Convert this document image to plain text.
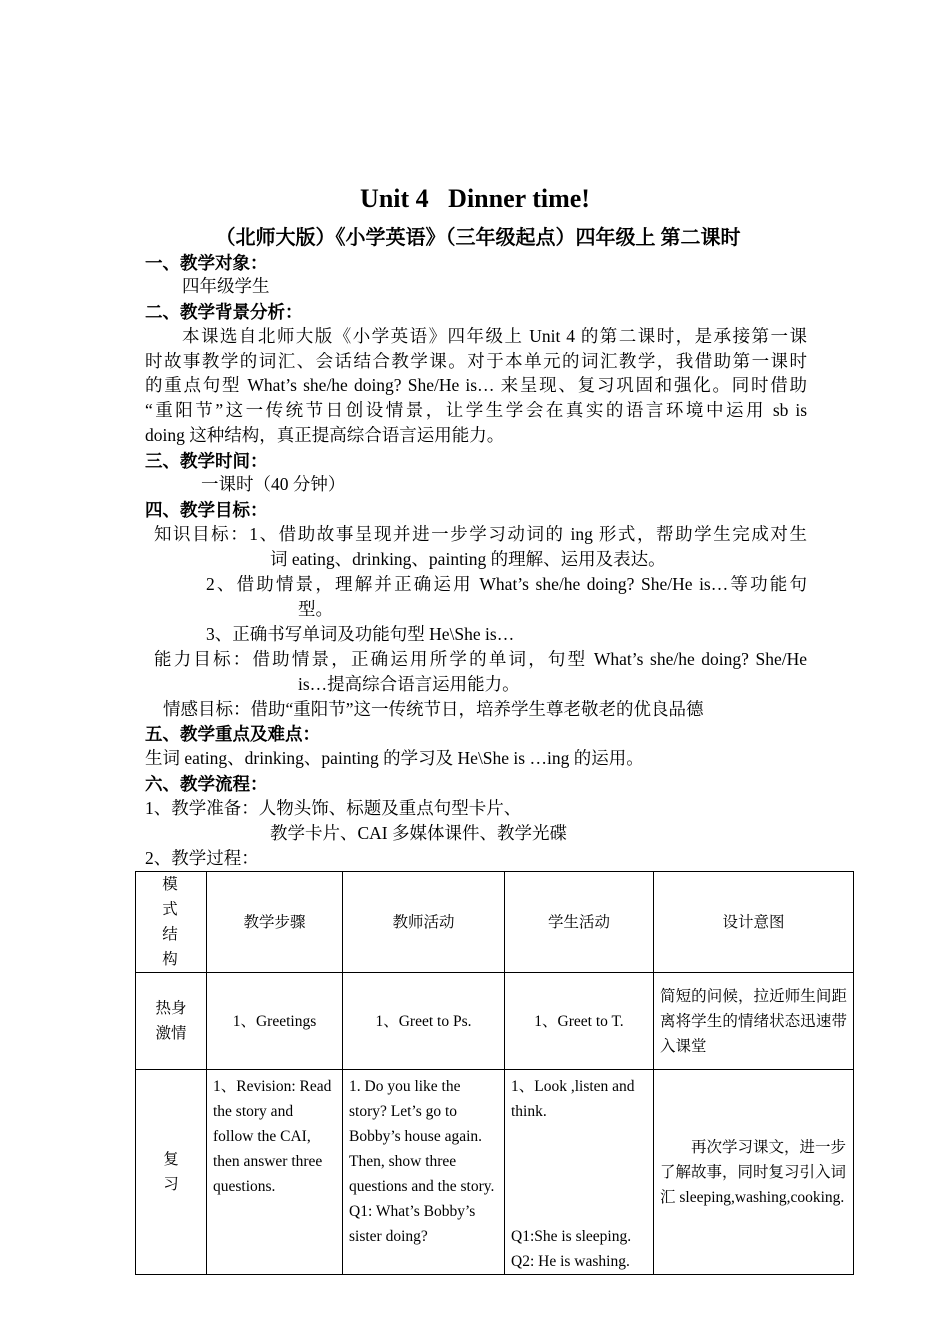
Unit 4   Dinner time!
（北师大版）《小学英语》（三年级起点）四年级上 第二课时
一、教学对象：
四年级学生
二、教学背景分析：
本课选自北师大版《小学英语》四年级上 Unit 4 的第二课时，是承接第一课
时故事教学的词汇、会话结合教学课。对于本单元的词汇教学，我借助第一课时
的重点句型 What’s she/he doing? She/He is… 来呈现、复习巩固和强化。同时借助
“重阳节”这一传统节日创设情景，让学生学会在真实的语言环境中运用 sb is
doing 这种结构，真正提高综合语言运用能力。
三、教学时间：
一课时（40 分钟）
四、教学目标：
知识目标：1、借助故事呈现并进一步学习动词的 ing 形式，帮助学生完成对生
词 eating、drinking、painting 的理解、运用及表达。
2、借助情景，理解并正确运用 What’s she/he doing? She/He is…等功能句
型。
3、正确书写单词及功能句型 He\She is…
能力目标：借助情景，正确运用所学的单词，句型 What’s she/he doing? She/He
is…提高综合语言运用能力。
情感目标：借助“重阳节”这一传统节日，培养学生尊老敬老的优良品德
五、教学重点及难点：
生词 eating、drinking、painting 的学习及 He\She is …ing 的运用。
六、教学流程：
1、教学准备：人物头饰、标题及重点句型卡片、
教学卡片、CAI 多媒体课件、教学光碟
2、教学过程：
模 式 结 构	教学步骤	教师活动	学生活动	设计意图

热身 激情	1、Greetings	1、Greet to Ps.	1、Greet to T.	简短的问候，拉近师生间距离将学生的情绪状态迅速带入课堂

复 习	1、Revision: Read the story and follow the CAI, then answer three questions.	1. Do you like the story? Let’s go to Bobby’s house again. Then, show three questions and the story. Q1: What’s Bobby’s sister doing?	1、Look ,listen and think.
Q1:She is sleeping.
Q2: He is washing.	再次学习课文，进一步了解故事，同时复习引入词汇 sleeping,washing,cooking.
